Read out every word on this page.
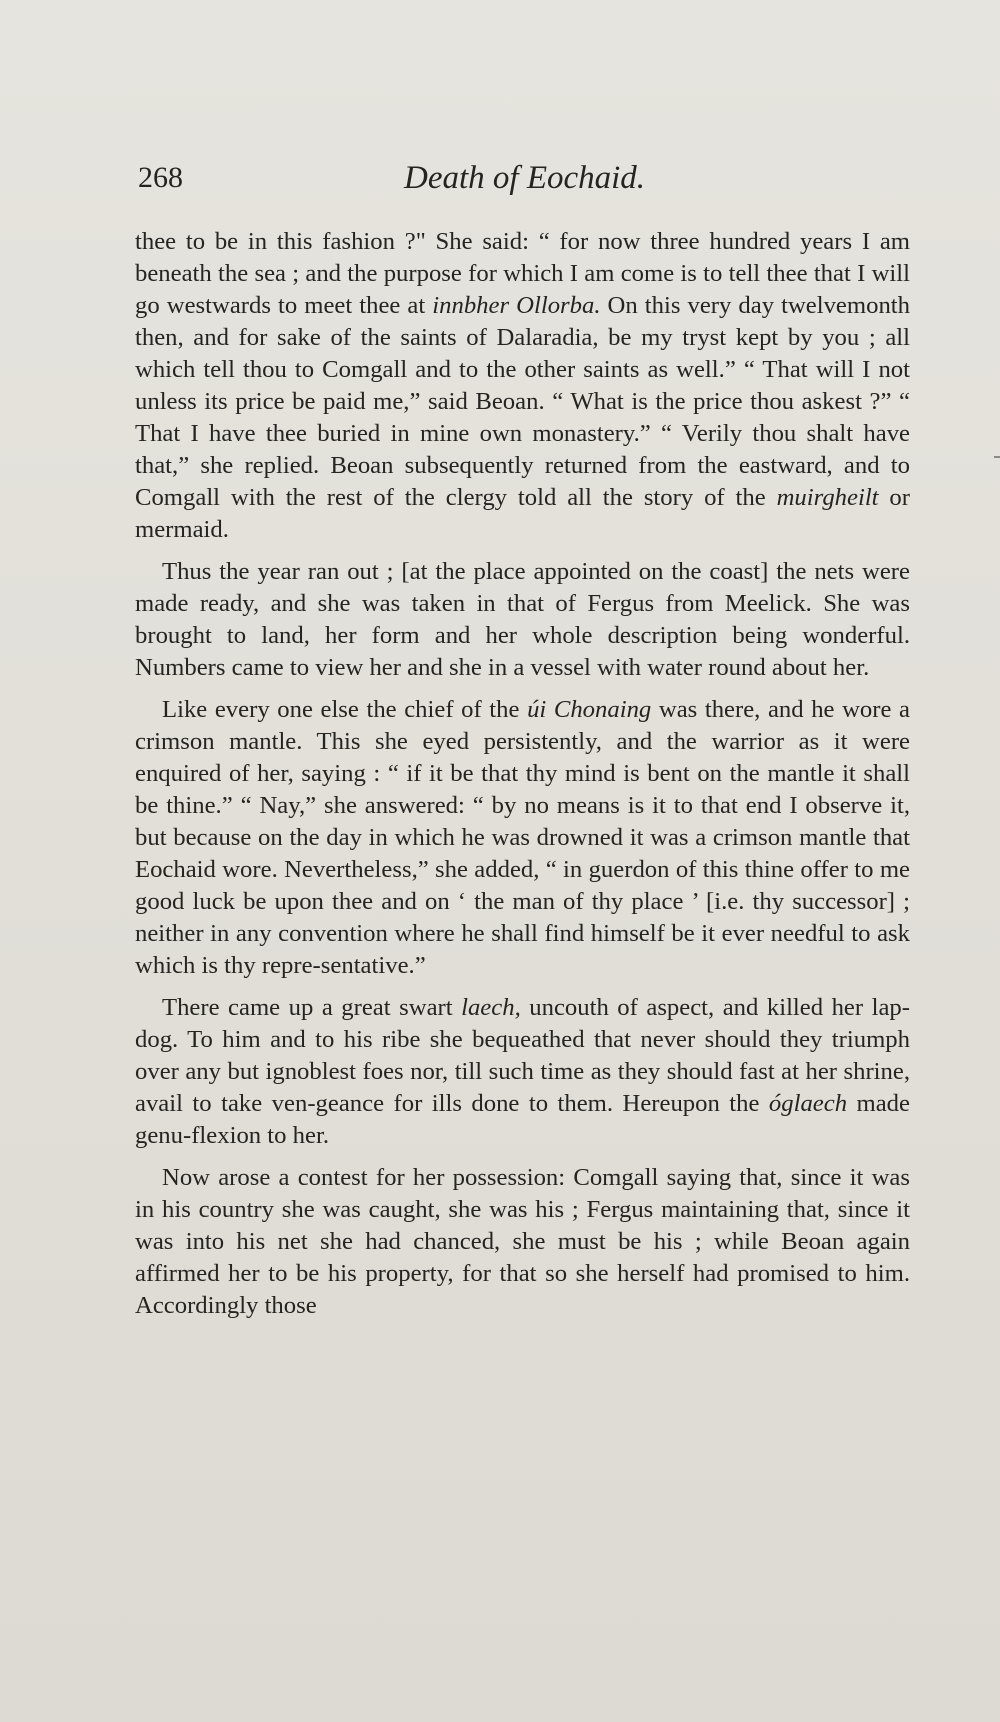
268	Death of Eochaid.

thee to be in this fashion ?" She said: “ for now three hundred years I am beneath the sea ; and the purpose for which I am come is to tell thee that I will go westwards to meet thee at innbher Ollorba. On this very day twelvemonth then, and for sake of the saints of Dalaradia, be my tryst kept by you ; all which tell thou to Comgall and to the other saints as well.” “ That will I not unless its price be paid me,” said Beoan. “ What is the price thou askest ?” “ That I have thee buried in mine own monastery.” “ Verily thou shalt have that,” she replied. Beoan subsequently returned from the eastward, and to Comgall with the rest of the clergy told all the story of the muirgheilt or mermaid.

Thus the year ran out ; [at the place appointed on the coast] the nets were made ready, and she was taken in that of Fergus from Meelick. She was brought to land, her form and her whole description being wonderful. Numbers came to view her and she in a vessel with water round about her.

Like every one else the chief of the úi Chonaing was there, and he wore a crimson mantle. This she eyed persistently, and the warrior as it were enquired of her, saying : “ if it be that thy mind is bent on the mantle it shall be thine.” “ Nay,” she answered: “ by no means is it to that end I observe it, but because on the day in which he was drowned it was a crimson mantle that Eochaid wore. Nevertheless,” she added, “ in guerdon of this thine offer to me good luck be upon thee and on ‘ the man of thy place ’ [i.e. thy successor] ; neither in any convention where he shall find himself be it ever needful to ask which is thy repre-sentative.”

There came up a great swart laech, uncouth of aspect, and killed her lap-dog. To him and to his ribe she bequeathed that never should they triumph over any but ignoblest foes nor, till such time as they should fast at her shrine, avail to take ven-geance for ills done to them. Hereupon the óglaech made genu-flexion to her.

Now arose a contest for her possession: Comgall saying that, since it was in his country she was caught, she was his ; Fergus maintaining that, since it was into his net she had chanced, she must be his ; while Beoan again affirmed her to be his property, for that so she herself had promised to him. Accordingly those
